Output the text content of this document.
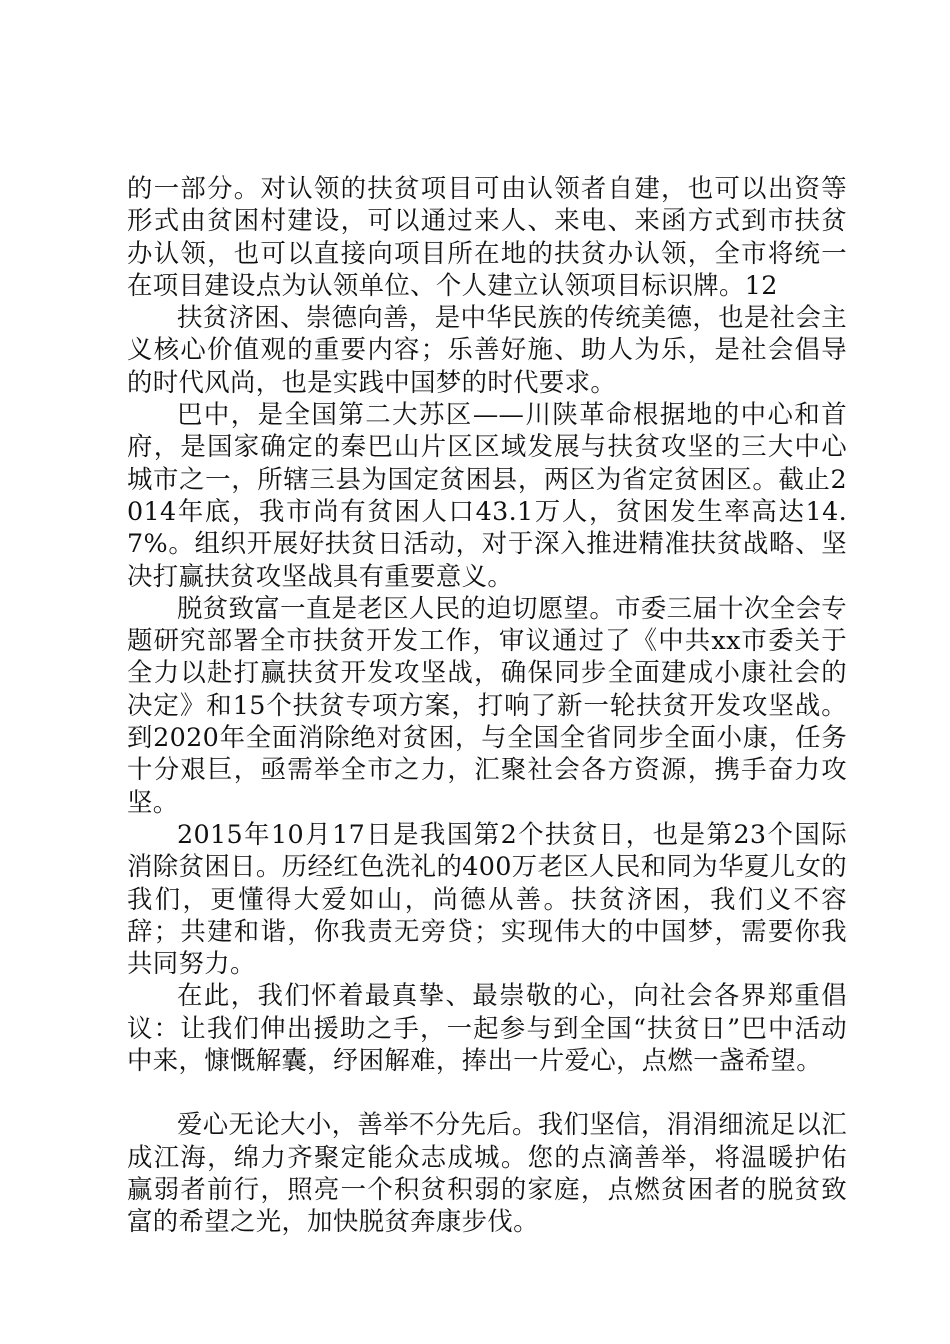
的一部分。对认领的扶贫项目可由认领者自建，也可以出资等形式由贫困村建设，可以通过来人、来电、来函方式到市扶贫办认领，也可以直接向项目所在地的扶贫办认领，全市将统一在项目建设点为认领单位、个人建立认领项目标识牌。12

扶贫济困、崇德向善，是中华民族的传统美德，也是社会主义核心价值观的重要内容；乐善好施、助人为乐，是社会倡导的时代风尚，也是实践中国梦的时代要求。

巴中，是全国第二大苏区——川陕革命根据地的中心和首府，是国家确定的秦巴山片区区域发展与扶贫攻坚的三大中心城市之一，所辖三县为国定贫困县，两区为省定贫困区。截止2014年底，我市尚有贫困人口43.1万人，贫困发生率高达14.7%。组织开展好扶贫日活动，对于深入推进精准扶贫战略、坚决打赢扶贫攻坚战具有重要意义。

脱贫致富一直是老区人民的迫切愿望。市委三届十次全会专题研究部署全市扶贫开发工作，审议通过了《中共xx市委关于全力以赴打赢扶贫开发攻坚战，确保同步全面建成小康社会的决定》和15个扶贫专项方案，打响了新一轮扶贫开发攻坚战。到2020年全面消除绝对贫困，与全国全省同步全面小康，任务十分艰巨，亟需举全市之力，汇聚社会各方资源，携手奋力攻坚。

2015年10月17日是我国第2个扶贫日，也是第23个国际消除贫困日。历经红色洗礼的400万老区人民和同为华夏儿女的我们，更懂得大爱如山，尚德从善。扶贫济困，我们义不容辞；共建和谐，你我责无旁贷；实现伟大的中国梦，需要你我共同努力。

在此，我们怀着最真挚、最崇敬的心，向社会各界郑重倡议：让我们伸出援助之手，一起参与到全国“扶贫日”巴中活动中来，慷慨解囊，纾困解难，捧出一片爱心，点燃一盏希望。

爱心无论大小，善举不分先后。我们坚信，涓涓细流足以汇成江海，绵力齐聚定能众志成城。您的点滴善举，将温暖护佑赢弱者前行，照亮一个积贫积弱的家庭，点燃贫困者的脱贫致富的希望之光，加快脱贫奔康步伐。
